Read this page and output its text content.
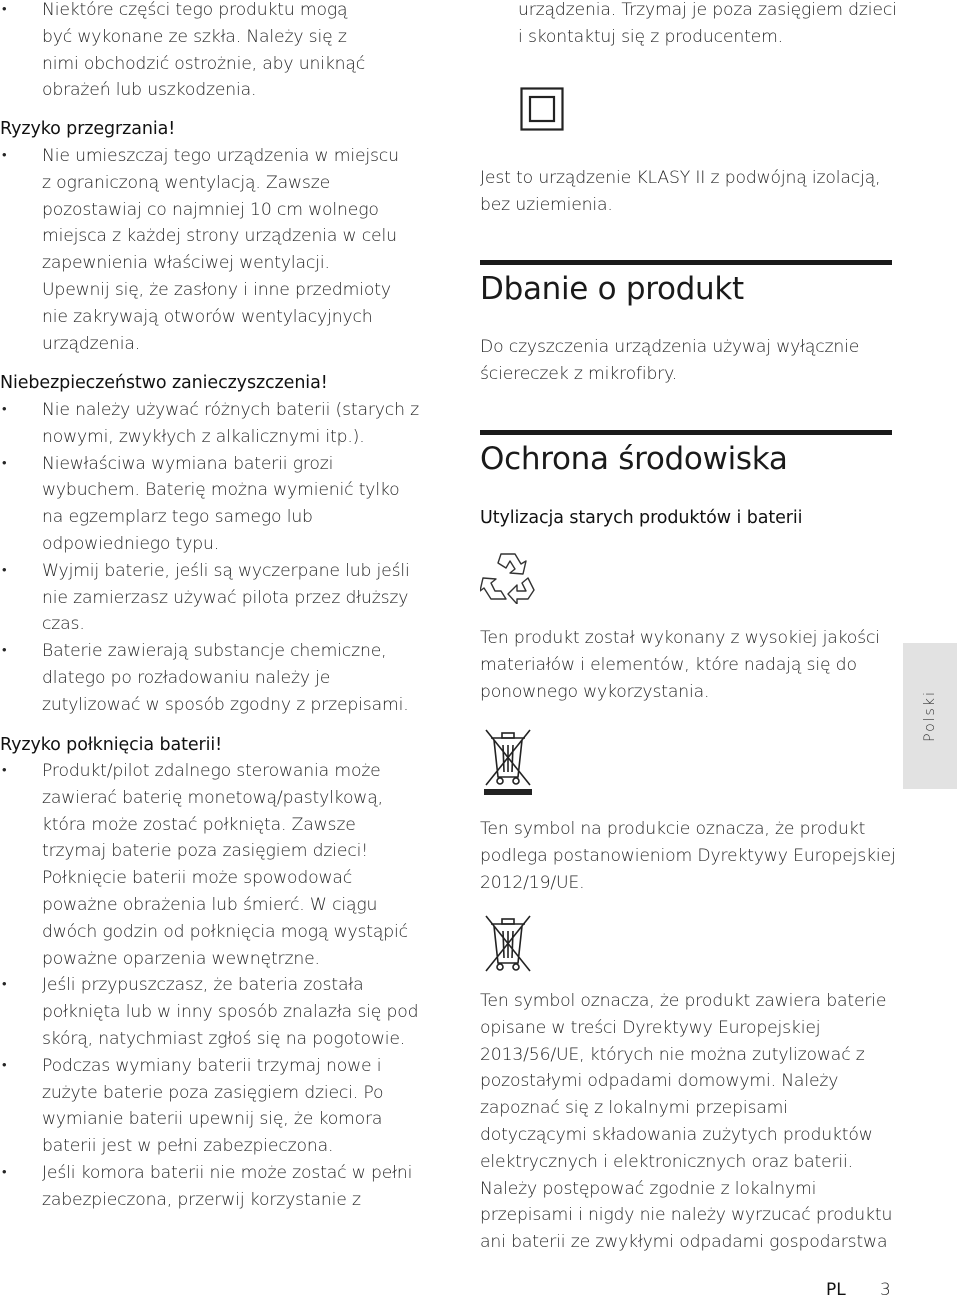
• Niektóre części tego produktu mogą być wykonane ze szkła. Należy się z nimi obchodzić ostrożnie, aby uniknąć obrażeń lub uszkodzenia.
Ryzyko przegrzania!
• Nie umieszczaj tego urządzenia w miejscu z ograniczoną wentylacją. Zawsze pozostawiaj co najmniej 10 cm wolnego miejsca z każdej strony urządzenia w celu zapewnienia właściwej wentylacji. Upewnij się, że zasłony i inne przedmioty nie zakrywają otworów wentylacyjnych urządzenia.
Niebezpieczeństwo zanieczyszczenia!
• Nie należy używać różnych baterii (starych z nowymi, zwykłych z alkalicznymi itp.).
• Niewłaściwa wymiana baterii grozi wybuchem. Baterię można wymienić tylko na egzemplarz tego samego lub odpowiedniego typu.
• Wyjmij baterie, jeśli są wyczerpane lub jeśli nie zamierzasz używać pilota przez dłuższy czas.
• Baterie zawierają substancje chemiczne, dlatego po rozładowaniu należy je zutylizować w sposób zgodny z przepisami.
Ryzyko połknięcia baterii!
• Produkt/pilot zdalnego sterowania może zawierać baterię monetową/pastylkową, która może zostać połknięta. Zawsze trzymaj baterie poza zasięgiem dzieci! Połknięcie baterii może spowodować poważne obrażenia lub śmierć. W ciągu dwóch godzin od połknięcia mogą wystąpić poważne oparzenia wewnętrzne.
• Jeśli przypuszczasz, że bateria została połknięta lub w inny sposób znalazła się pod skórą, natychmiast zgłoś się na pogotowie.
• Podczas wymiany baterii trzymaj nowe i zużyte baterie poza zasięgiem dzieci. Po wymianie baterii upewnij się, że komora baterii jest w pełni zabezpieczona.
• Jeśli komora baterii nie może zostać w pełni zabezpieczona, przerwij korzystanie z

urządzenia. Trzymaj je poza zasięgiem dzieci i skontaktuj się z producentem.

Jest to urządzenie KLASY II z podwójną izolacją, bez uziemienia.

Dbanie o produkt

Do czyszczenia urządzenia używaj wyłącznie ściereczek z mikrofibry.

Ochrona środowiska
Utylizacja starych produktów i baterii

Ten produkt został wykonany z wysokiej jakości materiałów i elementów, które nadają się do ponownego wykorzystania.

Ten symbol na produkcie oznacza, że produkt podlega postanowieniom Dyrektywy Europejskiej 2012/19/UE.

Ten symbol oznacza, że produkt zawiera baterie opisane w treści Dyrektywy Europejskiej 2013/56/UE, których nie można zutylizować z pozostałymi odpadami domowymi. Należy zapoznać się z lokalnymi przepisami dotyczącymi składowania zużytych produktów elektrycznych i elektronicznych oraz baterii. Należy postępować zgodnie z lokalnymi przepisami i nigdy nie należy wyrzucać produktu ani baterii ze zwykłymi odpadami gospodarstwa

Polski
PL 3
